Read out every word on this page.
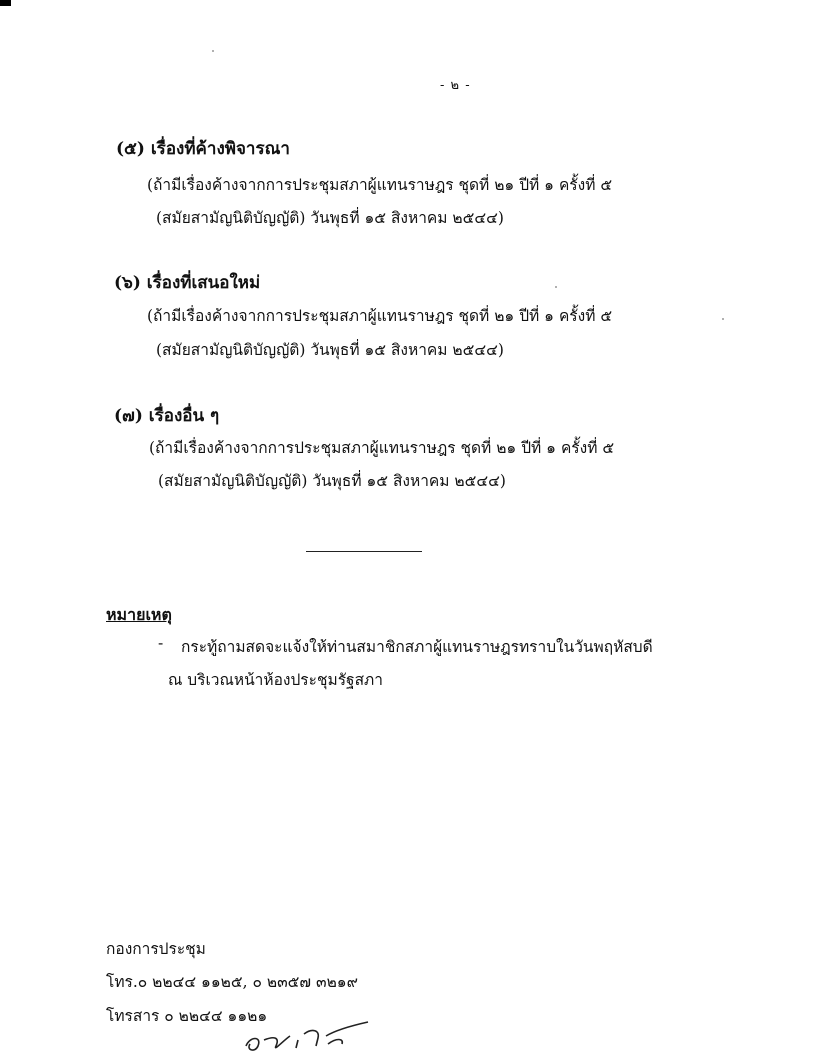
- ๒ -
(๕) เรื่องที่ค้างพิจารณา
(ถ้ามีเรื่องค้างจากการประชุมสภาผู้แทนราษฎร ชุดที่ ๒๑ ปีที่ ๑ ครั้งที่ ๕
(สมัยสามัญนิติบัญญัติ) วันพุธที่ ๑๕ สิงหาคม ๒๕๔๔)
(๖) เรื่องที่เสนอใหม่
(ถ้ามีเรื่องค้างจากการประชุมสภาผู้แทนราษฎร ชุดที่ ๒๑ ปีที่ ๑ ครั้งที่ ๕
(สมัยสามัญนิติบัญญัติ) วันพุธที่ ๑๕ สิงหาคม ๒๕๔๔)
(๗) เรื่องอื่น ๆ
(ถ้ามีเรื่องค้างจากการประชุมสภาผู้แทนราษฎร ชุดที่ ๒๑ ปีที่ ๑ ครั้งที่ ๕
(สมัยสามัญนิติบัญญัติ) วันพุธที่ ๑๕ สิงหาคม ๒๕๔๔)
หมายเหตุ
- กระทู้ถามสดจะแจ้งให้ท่านสมาชิกสภาผู้แทนราษฎรทราบในวันพฤหัสบดี
ณ บริเวณหน้าห้องประชุมรัฐสภา
กองการประชุม
โทร.๐ ๒๒๔๔ ๑๑๒๕, ๐ ๒๓๕๗ ๓๒๑๙
โทรสาร ๐ ๒๒๔๔ ๑๑๒๑
